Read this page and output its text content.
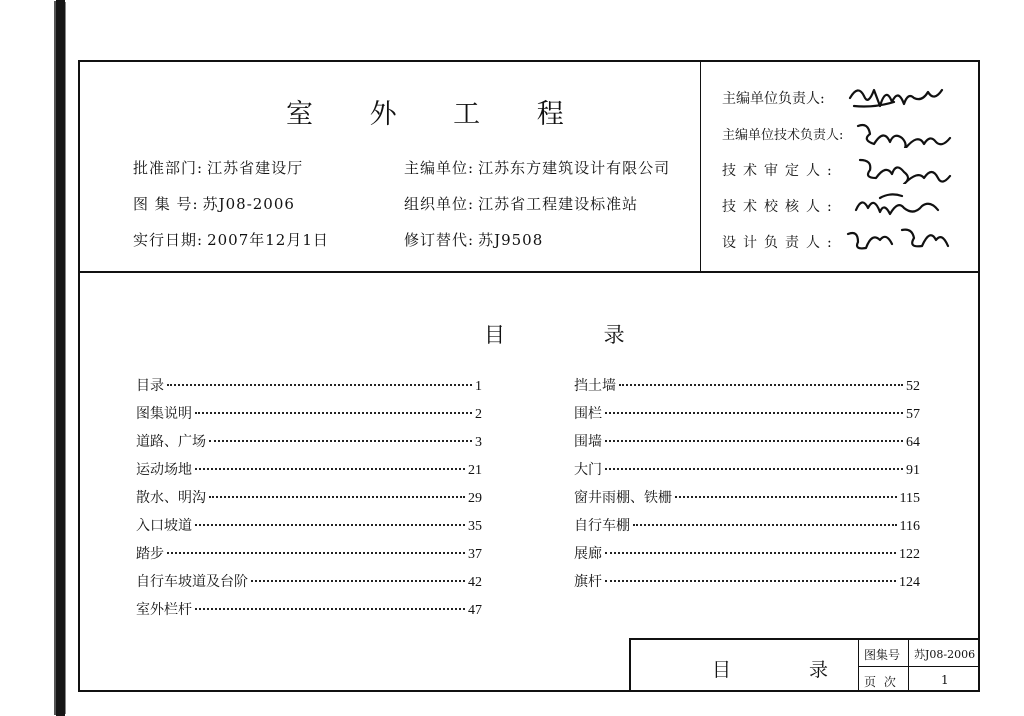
室 外 工 程
批准部门: 江苏省建设厅
图 集 号: 苏J08-2006
实行日期: 2007年12月1日
主编单位: 江苏东方建筑设计有限公司
组织单位: 江苏省工程建设标准站
修订替代: 苏J9508
主编单位负责人:
主编单位技术负责人:
技术审定人:
技术校核人:
设计负责人:
目 录
目录	1
图集说明	2
道路、广场	3
运动场地	21
散水、明沟	29
入口坡道	35
踏步	37
自行车坡道及台阶	42
室外栏杆	47
挡土墙	52
围栏	57
围墙	64
大门	91
窗井雨棚、铁栅	115
自行车棚	116
展廊	122
旗杆	124
目 录
图集号 苏J08-2006
页 次	1
